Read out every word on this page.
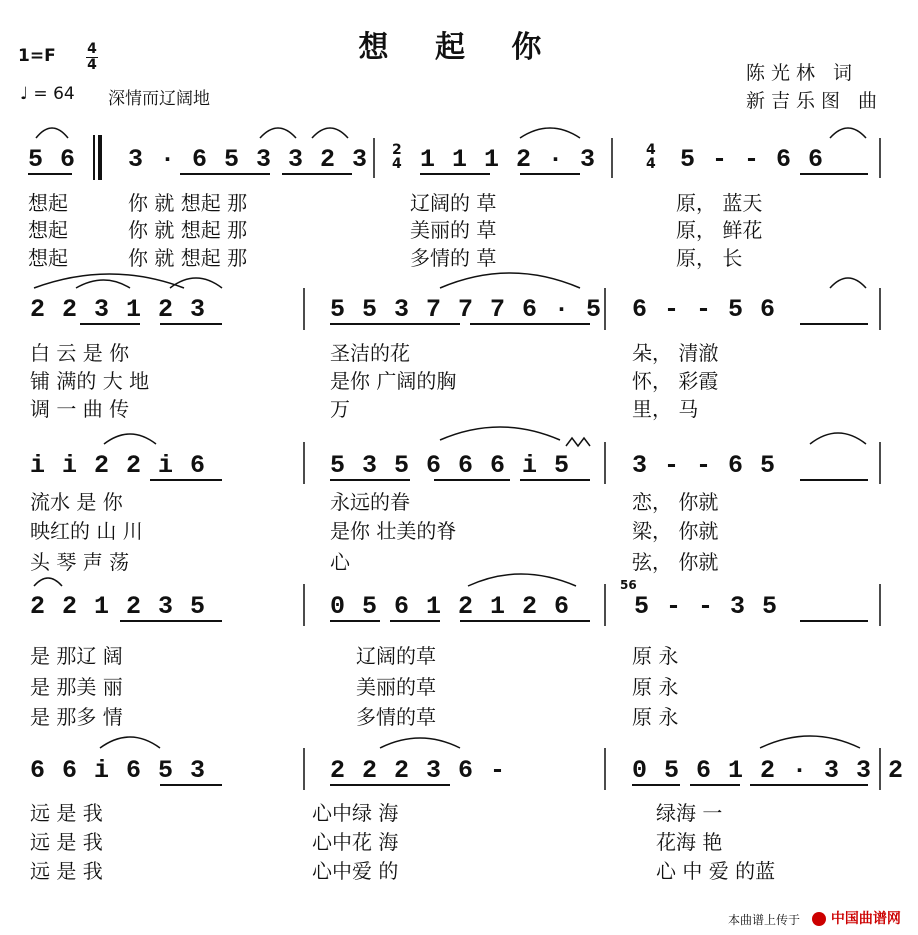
想 起 你
1=F 4
4
♩ = 64 深情而辽阔地
陈光林 词
新吉乐图 曲
5 6 3 · 6 5 3 3 2 3 2
4 1 1 1 2 · 3	4
4 5 - - 6 6
想起	你 就 想起 那	辽阔的 草	原， 蓝天
想起	你 就 想起 那	美丽的 草	原， 鲜花
想起	你 就 想起 那	多情的 草	原， 长
2 2 3 1 2 3	5 5 3 7 7 7 6 · 5 6 - - 5 6
白 云 是 你	圣洁的花	朵， 清澈
铺 满的 大 地	是你 广阔的胸	怀， 彩霞
调 一 曲 传	万	里， 马
i i 2 2 i 6	5 3 5 6 6 6 i 5 3 - - 6 5
流水 是 你	永远的眷	恋， 你就
映红的 山 川	是你 壮美的脊	梁， 你就
头 琴 声 荡	心	弦， 你就
2 2 1 2 3 5	0 5 6 1 2 1 2 6
56
5 - - 3 5
是 那辽 阔	辽阔的草	原 永
是 那美 丽	美丽的草	原 永
是 那多 情	多情的草	原 永
6 6 i 6 5 3	2 2 2 3 6 -	0 5 6 1 2 · 3 3 2
远 是 我	心中绿 海	绿海 一
远 是 我	心中花 海	花海 艳
远 是 我	心中爱 的	心 中 爱 的蓝
本曲谱上传于	中国曲谱网
